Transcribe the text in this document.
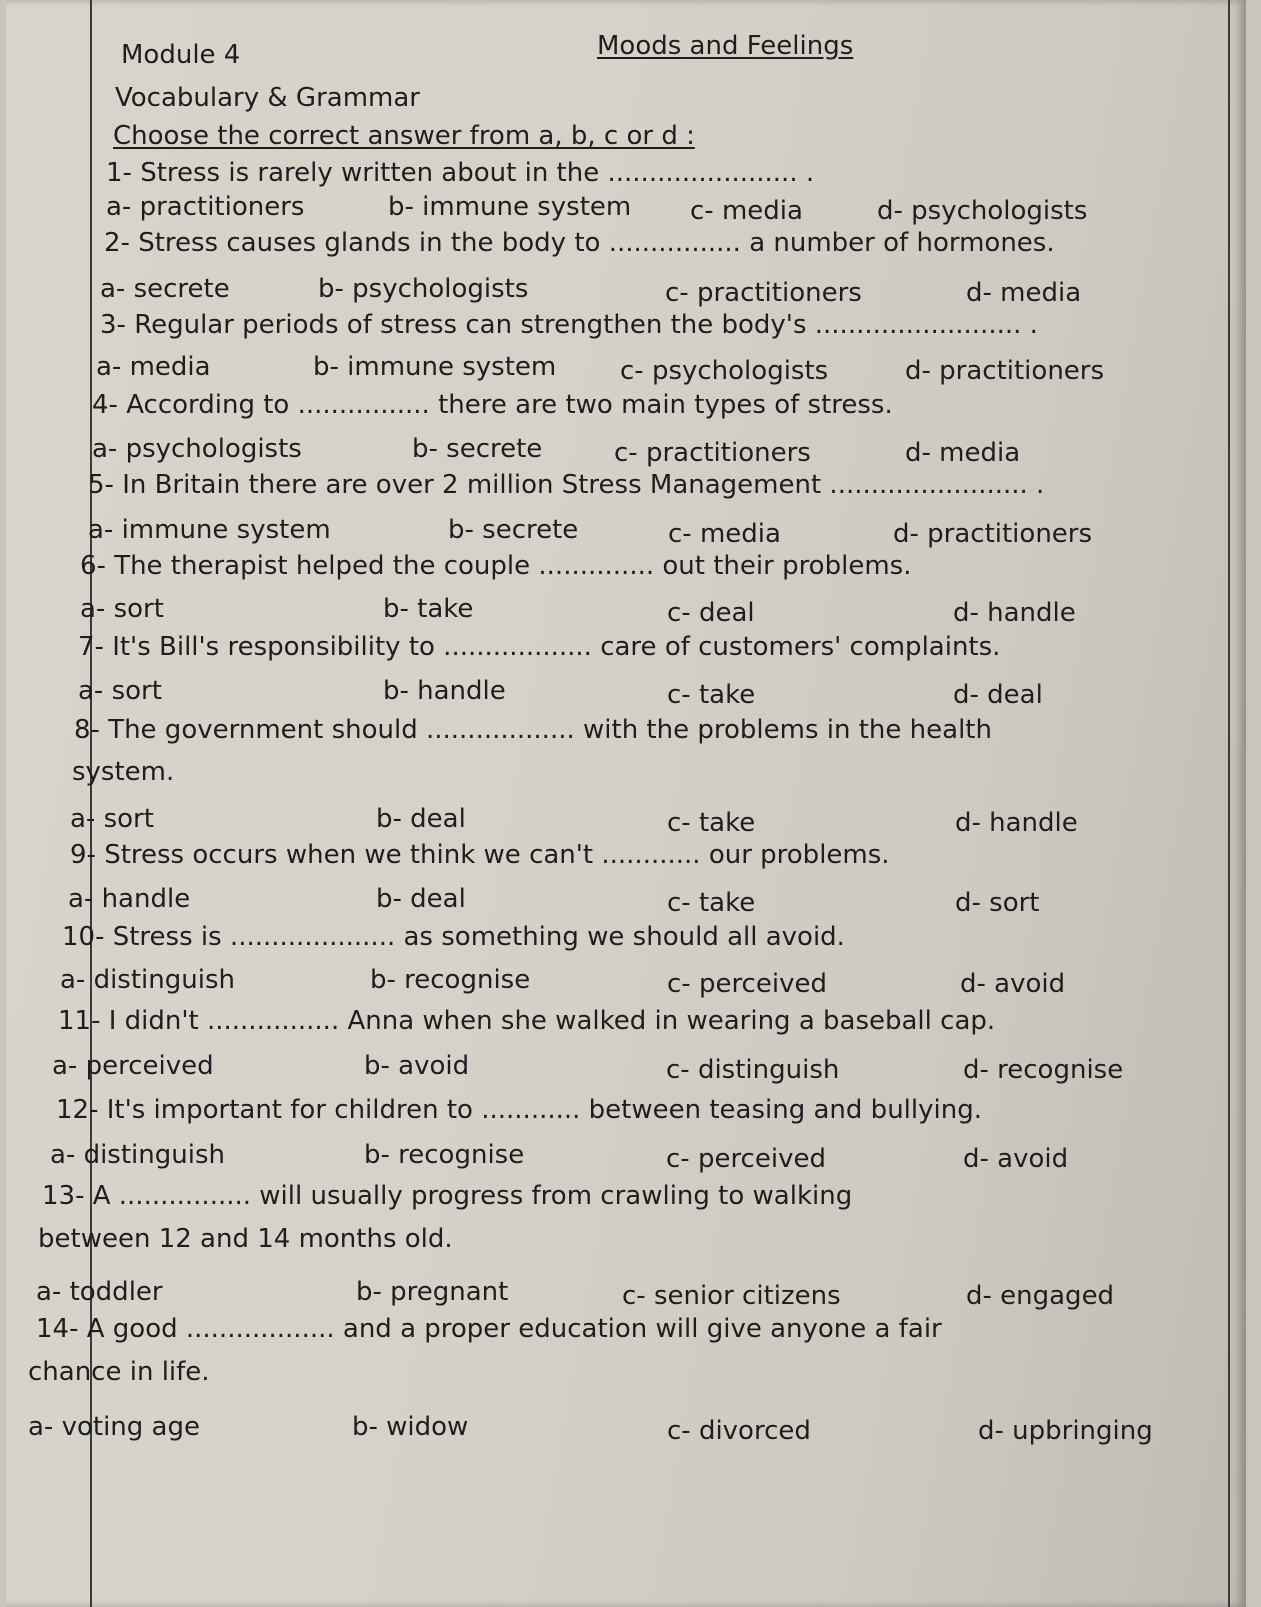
Module 4	Moods and Feelings
Vocabulary & Grammar
Choose the correct answer from a, b, c or d :
1- Stress is rarely written about in the ....................... .
a- practitioners	b- immune system c- media	d- psychologists
2- Stress causes glands in the body to ................ a number of hormones.
a- secrete	b- psychologists	c- practitioners	d- media
3- Regular periods of stress can strengthen the body's ......................... .
a- media	b- immune system c- psychologists	d- practitioners
4- According to ................ there are two main types of stress.
a- psychologists	b- secrete	c- practitioners	d- media
5- In Britain there are over 2 million Stress Management ........................ .
a- immune system	b- secrete	c- media	d- practitioners
6- The therapist helped the couple .............. out their problems.
a- sort	b- take	c- deal	d- handle
7- It's Bill's responsibility to .................. care of customers' complaints.
a- sort	b- handle	c- take	d- deal
8- The government should .................. with the problems in the health
system.
a- sort	b- deal	c- take	d- handle
9- Stress occurs when we think we can't ............ our problems.
a- handle	b- deal	c- take	d- sort
10- Stress is .................... as something we should all avoid.
a- distinguish	b- recognise	c- perceived	d- avoid
11- I didn't ................ Anna when she walked in wearing a baseball cap.
a- perceived	b- avoid	c- distinguish	d- recognise
12- It's important for children to ............ between teasing and bullying.
a- distinguish	b- recognise	c- perceived	d- avoid
13- A ................ will usually progress from crawling to walking
between 12 and 14 months old.
a- toddler	b- pregnant	c- senior citizens	d- engaged
14- A good .................. and a proper education will give anyone a fair
chance in life.
a- voting age	b- widow	c- divorced	d- upbringing
